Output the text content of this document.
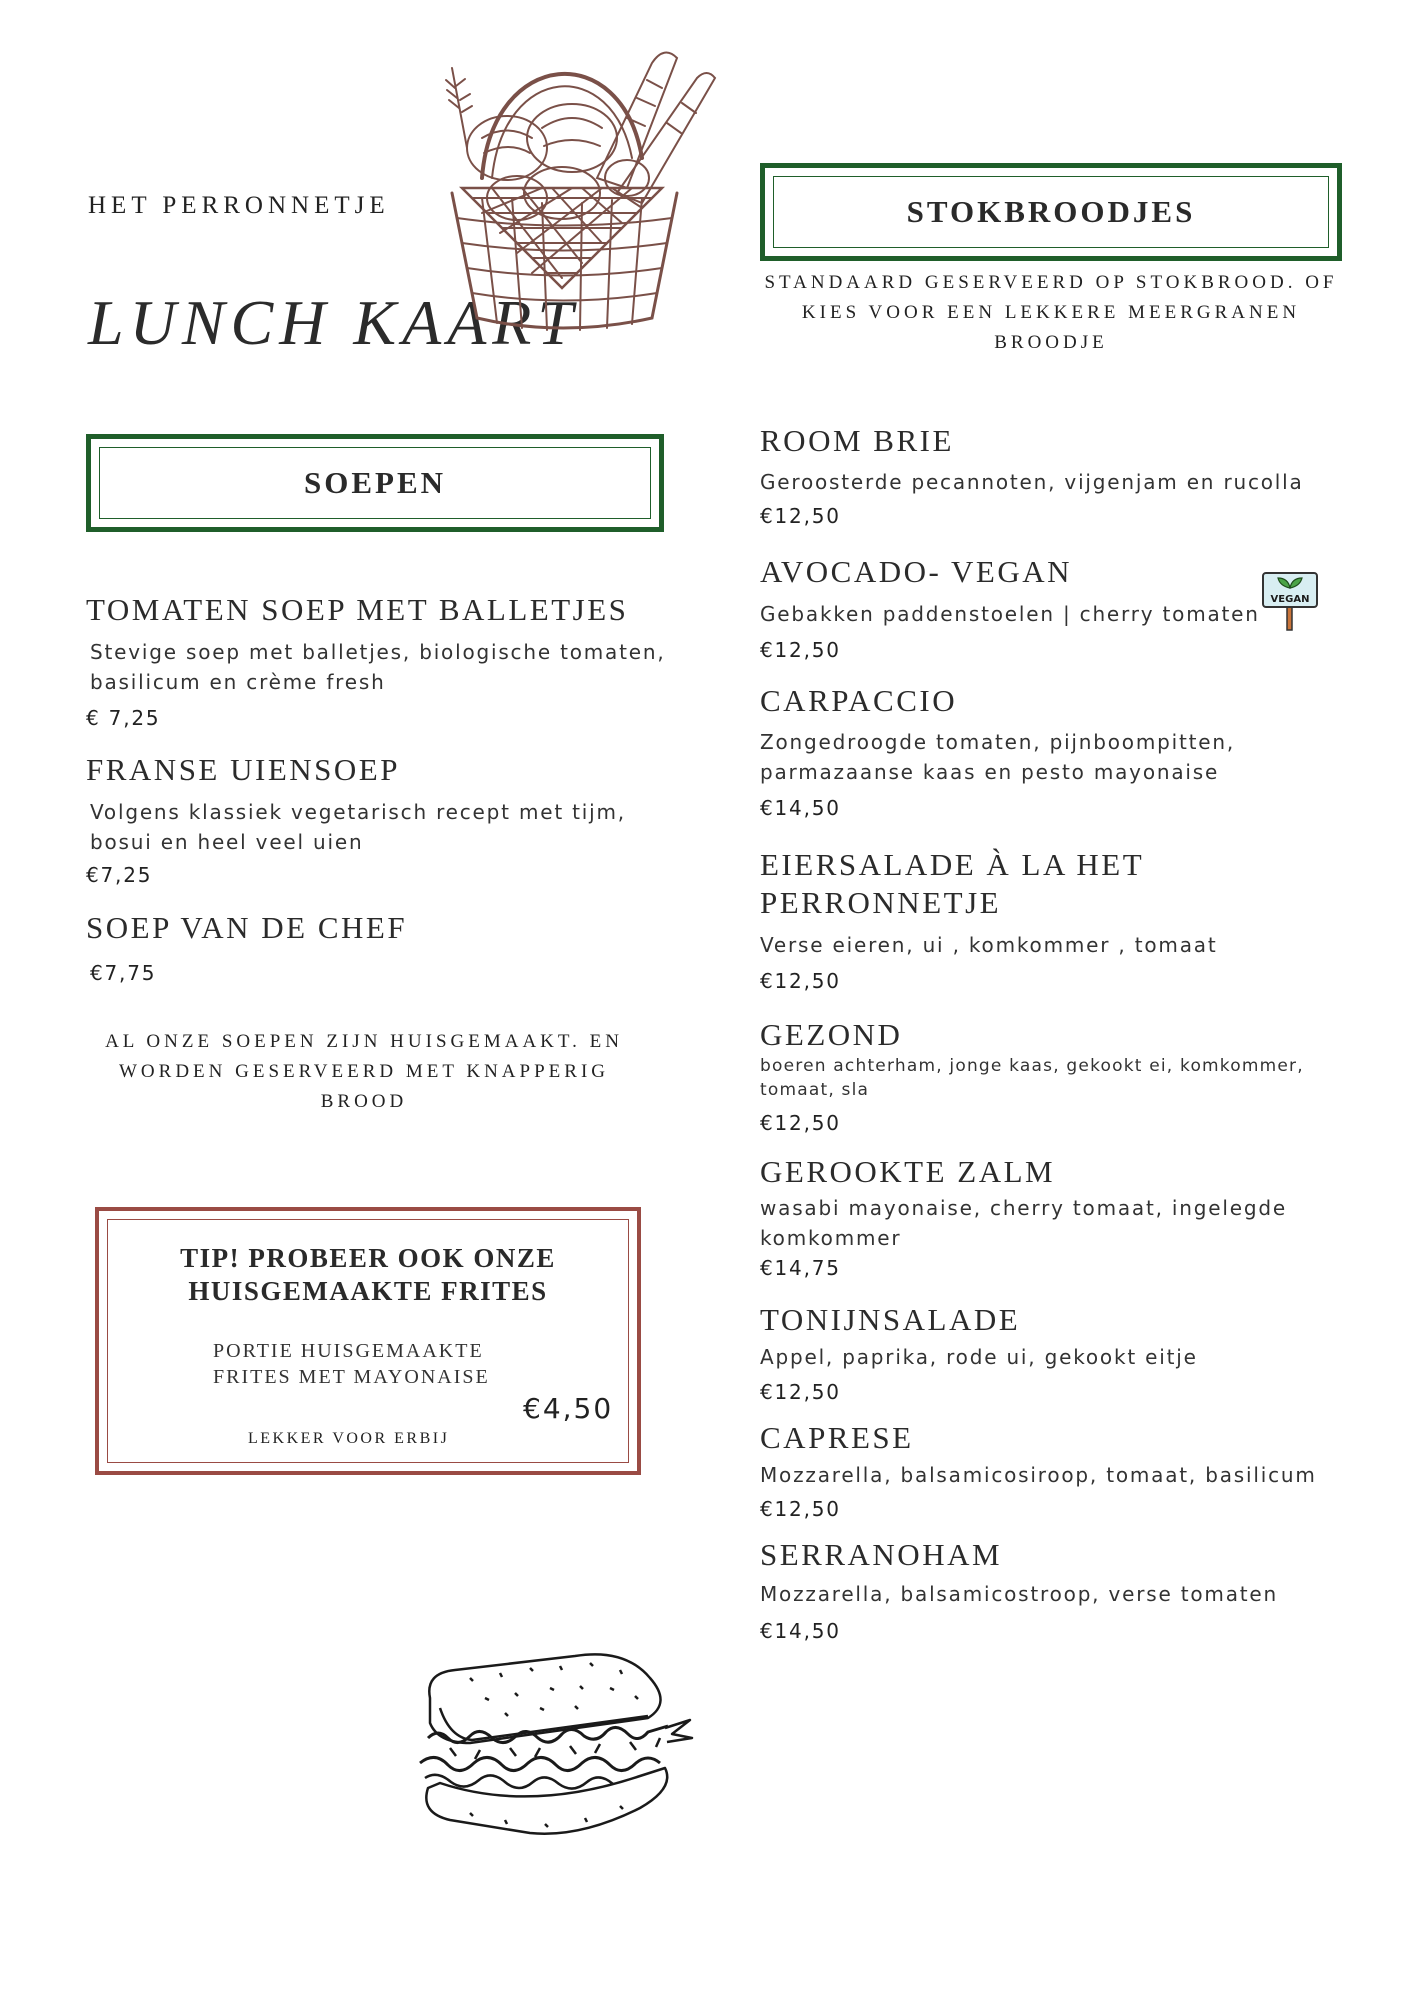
HET PERRONNETJE
LUNCH KAART
SOEPEN
TOMATEN SOEP MET BALLETJES
Stevige soep met balletjes, biologische tomaten, basilicum en crème fresh
€ 7,25
FRANSE UIENSOEP
Volgens klassiek vegetarisch recept met tijm, bosui en heel veel uien
€7,25
SOEP VAN DE CHEF
€7,75
AL ONZE SOEPEN ZIJN HUISGEMAAKT. EN WORDEN GESERVEERD MET KNAPPERIG BROOD
TIP! PROBEER OOK ONZE HUISGEMAAKTE FRITES
PORTIE HUISGEMAAKTE FRITES MET MAYONAISE
€4,50
LEKKER VOOR ERBIJ
STOKBROODJES
STANDAARD GESERVEERD OP STOKBROOD. OF KIES VOOR EEN LEKKERE MEERGRANEN BROODJE
ROOM BRIE
Geroosterde pecannoten, vijgenjam en rucolla
€12,50
AVOCADO- VEGAN
Gebakken paddenstoelen | cherry tomaten
€12,50
VEGAN
CARPACCIO
Zongedroogde tomaten, pijnboompitten, parmazaanse kaas en pesto mayonaise
€14,50
EIERSALADE À LA HET PERRONNETJE
Verse eieren, ui , komkommer , tomaat
€12,50
GEZOND
boeren achterham, jonge kaas, gekookt ei, komkommer, tomaat, sla
€12,50
GEROOKTE ZALM
wasabi mayonaise, cherry tomaat, ingelegde komkommer
€14,75
TONIJNSALADE
Appel, paprika, rode ui, gekookt eitje
€12,50
CAPRESE
Mozzarella, balsamicosiroop, tomaat, basilicum
€12,50
SERRANOHAM
Mozzarella, balsamicostroop, verse tomaten
€14,50
